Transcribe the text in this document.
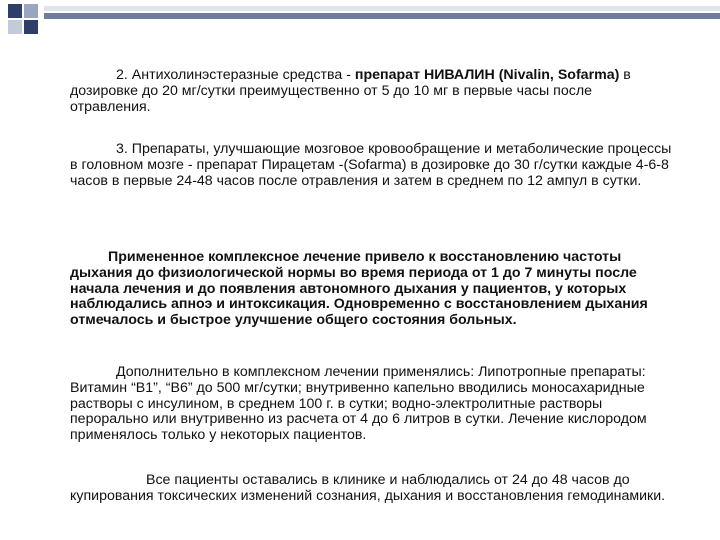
2. Антихолинэстеразные средства - препарат НИВАЛИН (Nivalin, Sofarma) в дозировке до 20 мг/сутки преимущественно от 5 до 10 мг в первые часы после отравления.

3. Препараты, улучшающие мозговое кровообращение и метаболические процессы в головном мозге - препарат Пирацетам -(Sofarma) в дозировке до 30 г/сутки каждые 4-6-8 часов в первые 24-48 часов после отравления и затем в среднем по 12 ампул в сутки.

Примененное комплексное лечение привело к восстановлению частоты дыхания до физиологической нормы во время периода от 1 до 7 минуты после начала лечения и до появления автономного дыхания у пациентов, у которых наблюдались апноэ и интоксикация. Одновременно с восстановлением дыхания отмечалось и быстрое улучшение общего состояния больных.

Дополнительно в комплексном лечении применялись: Липотропные препараты: Витамин “В1”, “В6” до 500 мг/сутки; внутривенно капельно вводились моносахаридные растворы с инсулином, в среднем 100 г. в сутки; водно-электролитные растворы перорально или внутривенно из расчета от 4 до 6 литров в сутки. Лечение кислородом применялось только у некоторых пациентов.

Все пациенты оставались в клинике и наблюдались от 24 до 48 часов до купирования токсических изменений сознания, дыхания и восстановления гемодинамики.
